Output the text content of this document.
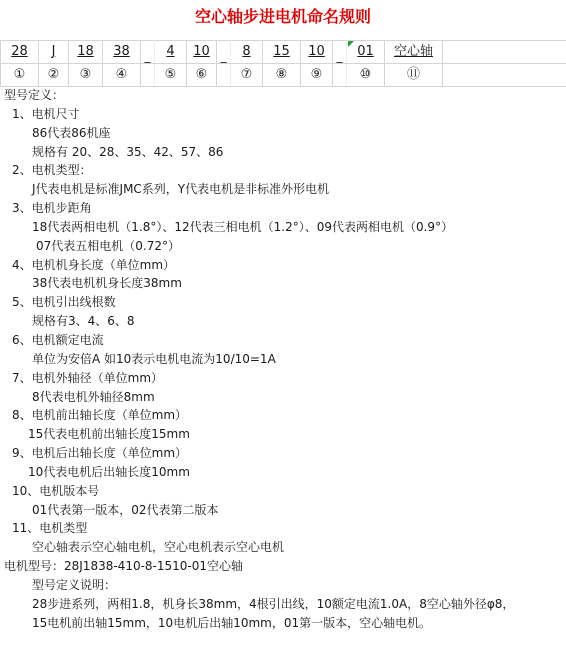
空心轴步进电机命名规则
28	J	18	38	_	4	10	_	8	15	10	_	01	空心轴	
①	②	③	④		⑤	⑥		⑦	⑧	⑨		⑩	⑪	
型号定义：
1、电机尺寸
86代表86机座
规格有 20、28、35、42、57、86
2、电机类型：
J代表电机是标准JMC系列，Y代表电机是非标准外形电机
3、电机步距角
18代表两相电机（1.8°）、12代表三相电机（1.2°）、09代表两相电机（0.9°）
07代表五相电机（0.72°）
4、电机机身长度（单位mm）
38代表电机机身长度38mm
5、电机引出线根数
规格有3、4、6、8
6、电机额定电流
单位为安倍A 如10表示电机电流为10/10=1A
7、电机外轴径（单位mm）
8代表电机外轴径8mm
8、电机前出轴长度（单位mm）
15代表电机前出轴长度15mm
9、电机后出轴长度（单位mm）
10代表电机后出轴长度10mm
10、电机版本号
01代表第一版本，02代表第二版本
11、电机类型
空心轴表示空心轴电机，空心电机表示空心电机
电机型号：28J1838-410-8-1510-01空心轴
型号定义说明：
28步进系列，两相1.8，机身长38mm，4根引出线，10额定电流1.0A，8空心轴外径φ8，
15电机前出轴15mm，10电机后出轴10mm，01第一版本，空心轴电机。
